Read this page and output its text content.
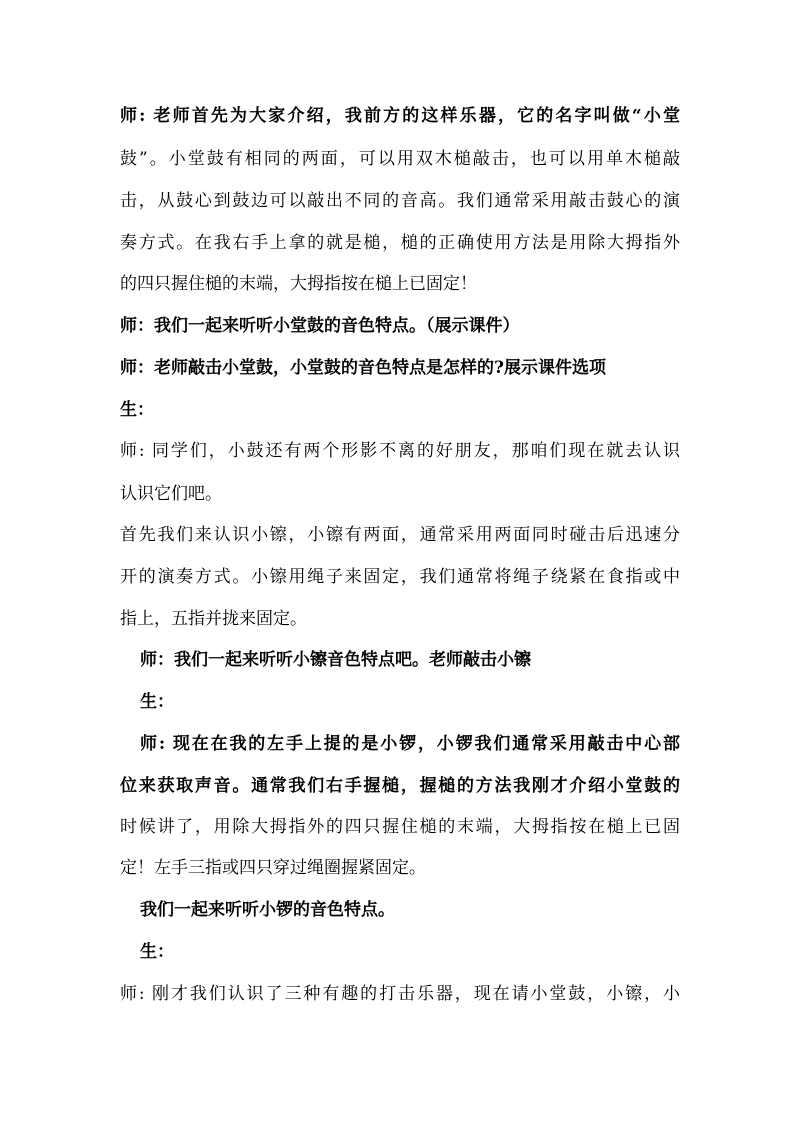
师: 老师首先为大家介绍，我前方的这样乐器，它的名字叫做“小堂
鼓”。小堂鼓有相同的两面，可以用双木槌敲击，也可以用单木槌敲
击，从鼓心到鼓边可以敲出不同的音高。我们通常采用敲击鼓心的演
奏方式。在我右手上拿的就是槌，槌的正确使用方法是用除大拇指外
的四只握住槌的末端，大拇指按在槌上已固定！
师：我们一起来听听小堂鼓的音色特点。（展示课件）
师：老师敲击小堂鼓，小堂鼓的音色特点是怎样的?展示课件选项
生：
师: 同学们，小鼓还有两个形影不离的好朋友，那咱们现在就去认识
认识它们吧。
首先我们来认识小镲，小镲有两面，通常采用两面同时碰击后迅速分
开的演奏方式。小镲用绳子来固定，我们通常将绳子绕紧在食指或中
指上，五指并拢来固定。
师：我们一起来听听小镲音色特点吧。老师敲击小镲
生：
师: 现在在我的左手上提的是小锣，小锣我们通常采用敲击中心部
位来获取声音。通常我们右手握槌，握槌的方法我刚才介绍小堂鼓的
时候讲了，用除大拇指外的四只握住槌的末端，大拇指按在槌上已固
定！左手三指或四只穿过绳圈握紧固定。
我们一起来听听小锣的音色特点。
生：
师: 刚才我们认识了三种有趣的打击乐器，现在请小堂鼓，小镲，小
